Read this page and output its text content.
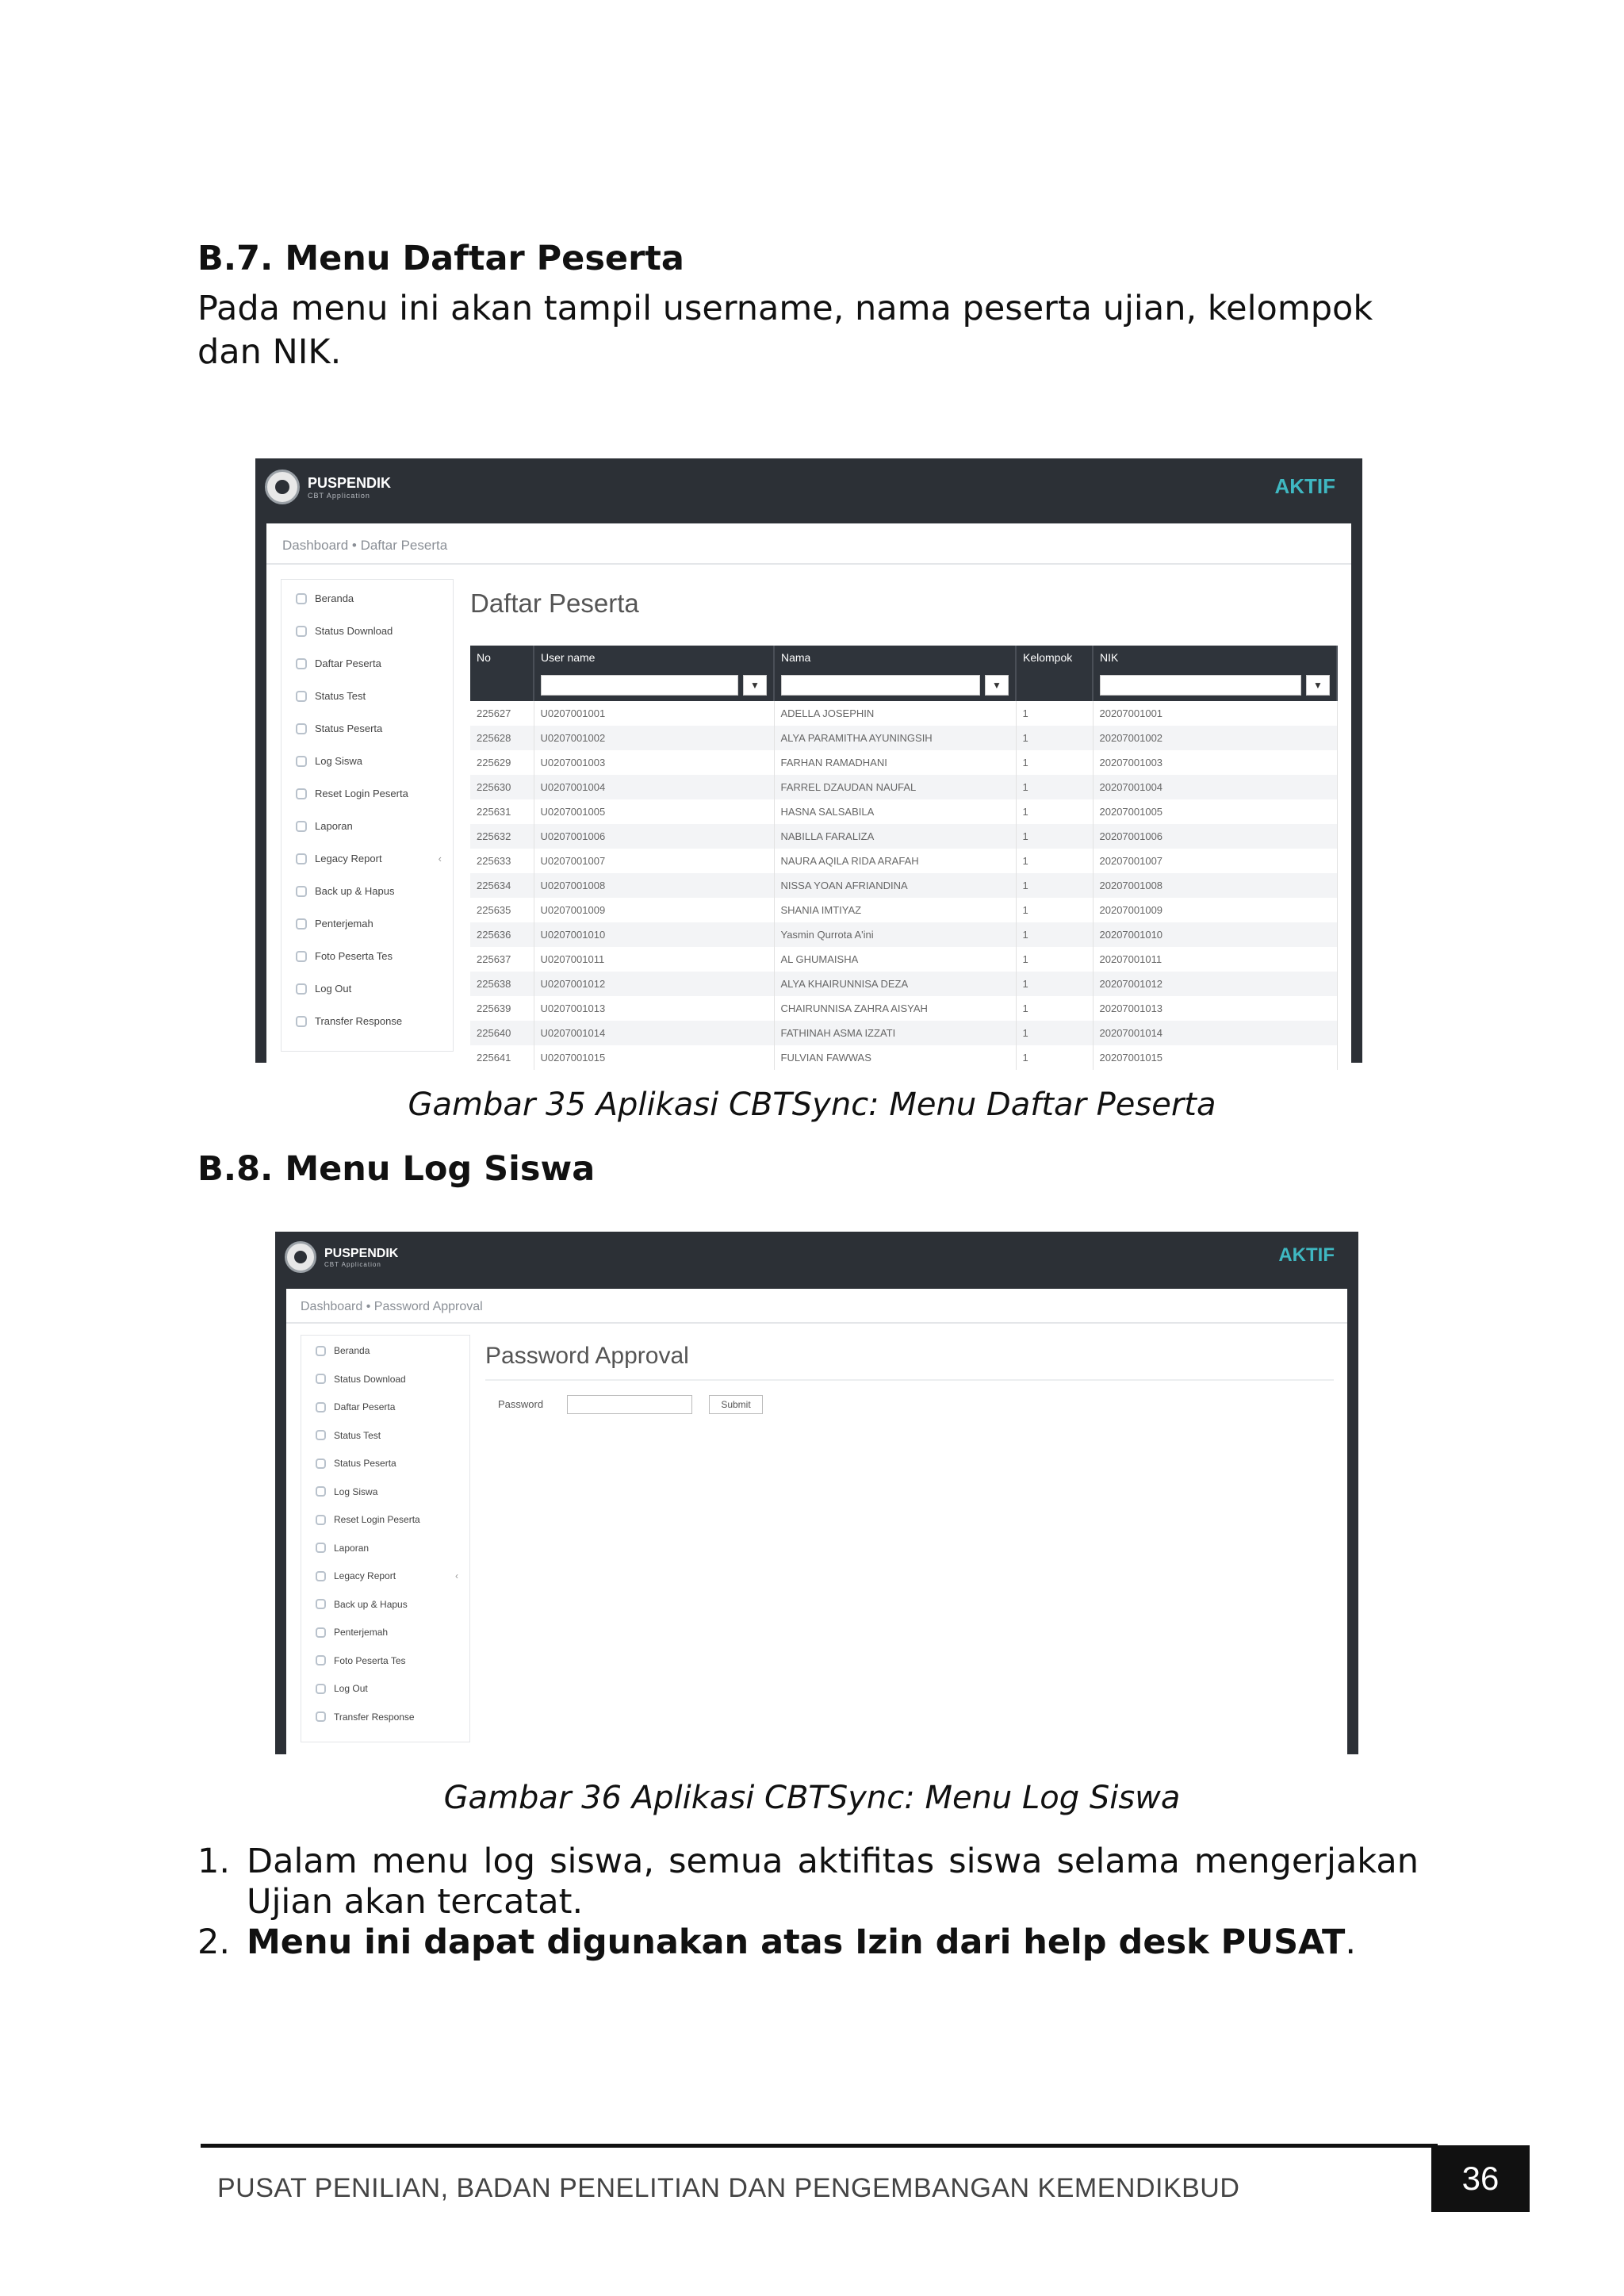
B.7. Menu Daftar Peserta
Pada menu ini akan tampil username, nama peserta ujian, kelompok dan NIK.
PUSPENDIK
CBT Application	AKTIF
Dashboard • Daftar Peserta
Beranda
Status Download
Daftar Peserta
Status Test
Status Peserta
Log Siswa
Reset Login Peserta
Laporan
Legacy Report	‹
Back up & Hapus
Penterjemah
Foto Peserta Tes
Log Out
Transfer Response
Daftar Peserta
No	User name	Nama	Kelompok	NIK

	▼	▼		▼

225627	U0207001001	ADELLA JOSEPHIN	1	20207001001
225628	U0207001002	ALYA PARAMITHA AYUNINGSIH	1	20207001002
225629	U0207001003	FARHAN RAMADHANI	1	20207001003
225630	U0207001004	FARREL DZAUDAN NAUFAL	1	20207001004
225631	U0207001005	HASNA SALSABILA	1	20207001005
225632	U0207001006	NABILLA FARALIZA	1	20207001006
225633	U0207001007	NAURA AQILA RIDA ARAFAH	1	20207001007
225634	U0207001008	NISSA YOAN AFRIANDINA	1	20207001008
225635	U0207001009	SHANIA IMTIYAZ	1	20207001009
225636	U0207001010	Yasmin Qurrota A'ini	1	20207001010
225637	U0207001011	AL GHUMAISHA	1	20207001011
225638	U0207001012	ALYA KHAIRUNNISA DEZA	1	20207001012
225639	U0207001013	CHAIRUNNISA ZAHRA AISYAH	1	20207001013
225640	U0207001014	FATHINAH ASMA IZZATI	1	20207001014
225641	U0207001015	FULVIAN FAWWAS	1	20207001015
Gambar 35 Aplikasi CBTSync: Menu Daftar Peserta
B.8. Menu Log Siswa
PUSPENDIK
CBT Application	AKTIF
Dashboard • Password Approval
Beranda
Status Download
Daftar Peserta
Status Test
Status Peserta
Log Siswa
Reset Login Peserta
Laporan
Legacy Report	‹
Back up & Hapus
Penterjemah
Foto Peserta Tes
Log Out
Transfer Response
Password Approval
Password	Submit
Gambar 36 Aplikasi CBTSync: Menu Log Siswa
1. Dalam menu log siswa, semua aktifitas siswa selama mengerjakan Ujian akan tercatat.
2. Menu ini dapat digunakan atas Izin dari help desk PUSAT.
PUSAT PENILIAN, BADAN PENELITIAN DAN PENGEMBANGAN KEMENDIKBUD	36
